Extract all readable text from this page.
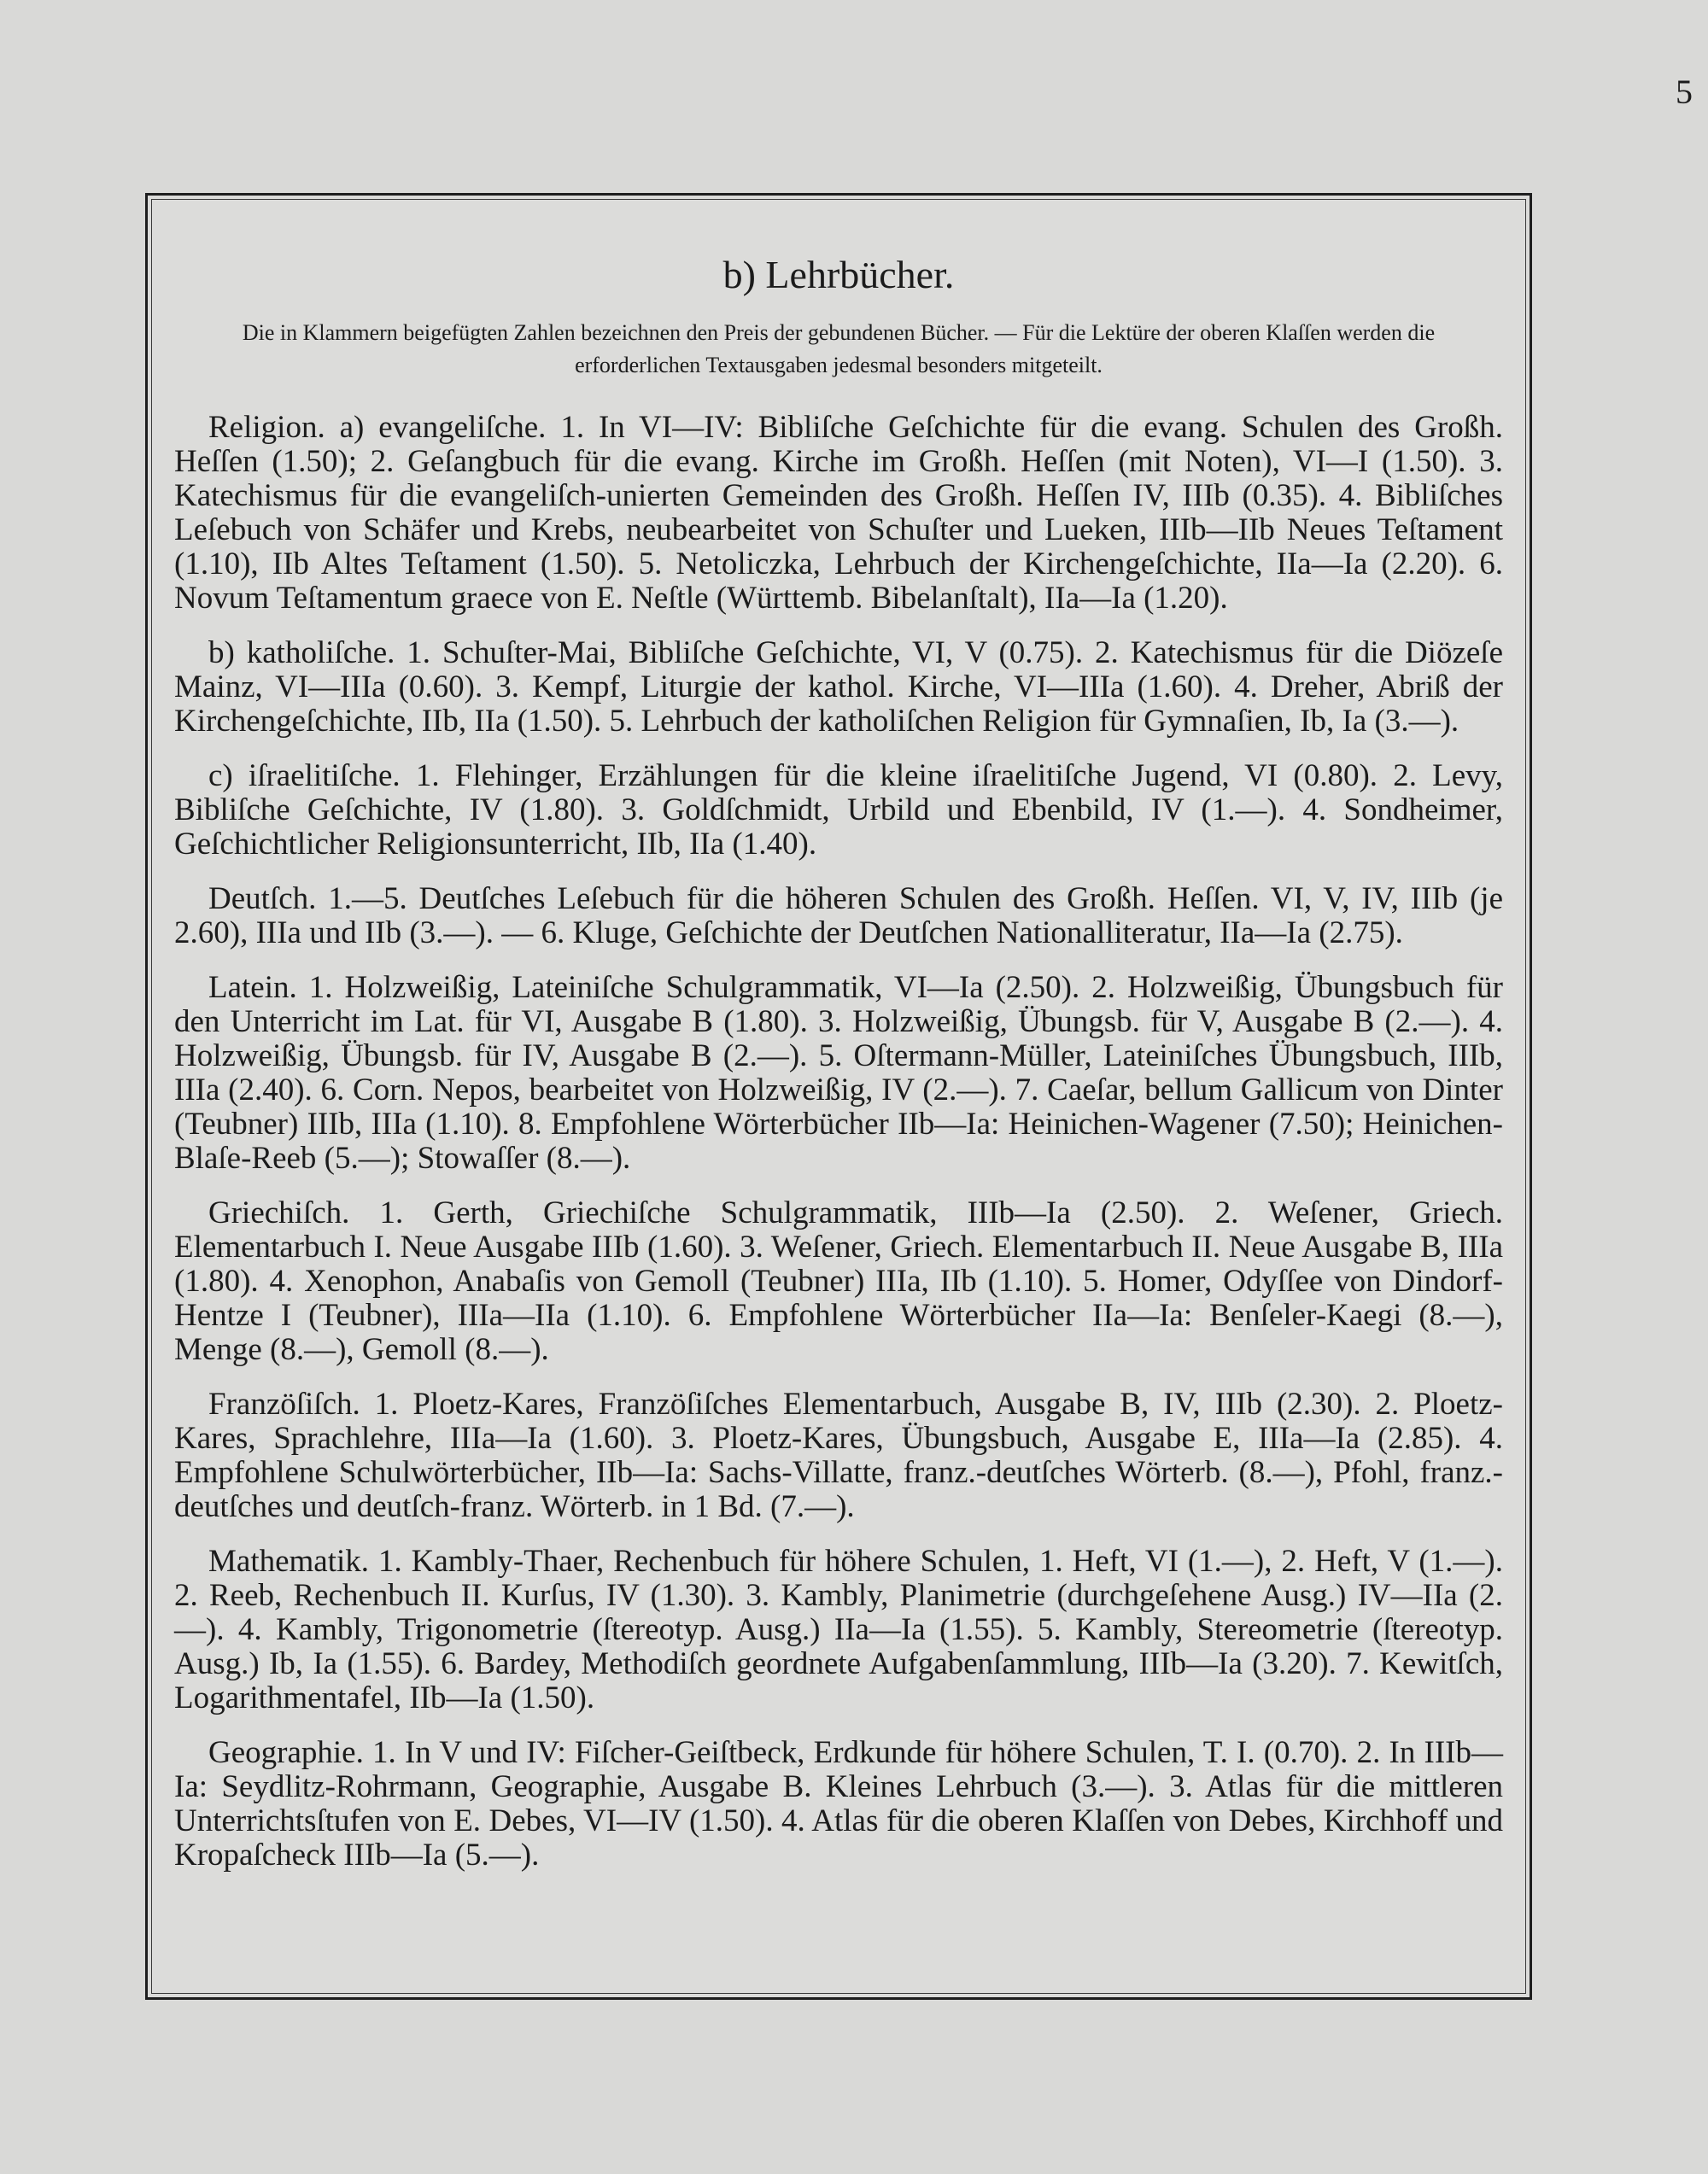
5
b) Lehrbücher.
Die in Klammern beigefügten Zahlen bezeichnen den Preis der gebundenen Bücher. — Für die Lektüre der oberen Klaſſen werden die erforderlichen Textausgaben jedesmal besonders mitgeteilt.

Religion. a) evangeliſche. 1. In VI—IV: Bibliſche Geſchichte für die evang. Schulen des Großh. Heſſen (1.50); 2. Geſangbuch für die evang. Kirche im Großh. Heſſen (mit Noten), VI—I (1.50). 3. Katechismus für die evangeliſch-unierten Gemeinden des Großh. Heſſen IV, IIIb (0.35). 4. Bibliſches Leſebuch von Schäfer und Krebs, neubearbeitet von Schuſter und Lueken, IIIb—IIb Neues Teſtament (1.10), IIb Altes Teſtament (1.50). 5. Netoliczka, Lehrbuch der Kirchengeſchichte, IIa—Ia (2.20). 6. Novum Teſtamentum graece von E. Neſtle (Württemb. Bibelanſtalt), IIa—Ia (1.20).

b) katholiſche. 1. Schuſter-Mai, Bibliſche Geſchichte, VI, V (0.75). 2. Katechismus für die Diözeſe Mainz, VI—IIIa (0.60). 3. Kempf, Liturgie der kathol. Kirche, VI—IIIa (1.60). 4. Dreher, Abriß der Kirchengeſchichte, IIb, IIa (1.50). 5. Lehrbuch der katholiſchen Religion für Gymnaſien, Ib, Ia (3.—).

c) iſraelitiſche. 1. Flehinger, Erzählungen für die kleine iſraelitiſche Jugend, VI (0.80). 2. Levy, Bibliſche Geſchichte, IV (1.80). 3. Goldſchmidt, Urbild und Ebenbild, IV (1.—). 4. Sondheimer, Geſchichtlicher Religionsunterricht, IIb, IIa (1.40).

Deutſch. 1.—5. Deutſches Leſebuch für die höheren Schulen des Großh. Heſſen. VI, V, IV, IIIb (je 2.60), IIIa und IIb (3.—). — 6. Kluge, Geſchichte der Deutſchen Nationalliteratur, IIa—Ia (2.75).

Latein. 1. Holzweißig, Lateiniſche Schulgrammatik, VI—Ia (2.50). 2. Holzweißig, Übungsbuch für den Unterricht im Lat. für VI, Ausgabe B (1.80). 3. Holzweißig, Übungsb. für V, Ausgabe B (2.—). 4. Holzweißig, Übungsb. für IV, Ausgabe B (2.—). 5. Oſtermann-Müller, Lateiniſches Übungsbuch, IIIb, IIIa (2.40). 6. Corn. Nepos, bearbeitet von Holzweißig, IV (2.—). 7. Caeſar, bellum Gallicum von Dinter (Teubner) IIIb, IIIa (1.10). 8. Empfohlene Wörterbücher IIb—Ia: Heinichen-Wagener (7.50); Heinichen-Blaſe-Reeb (5.—); Stowaſſer (8.—).

Griechiſch. 1. Gerth, Griechiſche Schulgrammatik, IIIb—Ia (2.50). 2. Weſener, Griech. Elementarbuch I. Neue Ausgabe IIIb (1.60). 3. Weſener, Griech. Elementarbuch II. Neue Ausgabe B, IIIa (1.80). 4. Xenophon, Anabaſis von Gemoll (Teubner) IIIa, IIb (1.10). 5. Homer, Odyſſee von Dindorf-Hentze I (Teubner), IIIa—IIa (1.10). 6. Empfohlene Wörterbücher IIa—Ia: Benſeler-Kaegi (8.—), Menge (8.—), Gemoll (8.—).

Franzöſiſch. 1. Ploetz-Kares, Franzöſiſches Elementarbuch, Ausgabe B, IV, IIIb (2.30). 2. Ploetz-Kares, Sprachlehre, IIIa—Ia (1.60). 3. Ploetz-Kares, Übungsbuch, Ausgabe E, IIIa—Ia (2.85). 4. Empfohlene Schulwörterbücher, IIb—Ia: Sachs-Villatte, franz.-deutſches Wörterb. (8.—), Pfohl, franz.-deutſches und deutſch-franz. Wörterb. in 1 Bd. (7.—).

Mathematik. 1. Kambly-Thaer, Rechenbuch für höhere Schulen, 1. Heft, VI (1.—), 2. Heft, V (1.—). 2. Reeb, Rechenbuch II. Kurſus, IV (1.30). 3. Kambly, Planimetrie (durchgeſehene Ausg.) IV—IIa (2.—). 4. Kambly, Trigonometrie (ſtereotyp. Ausg.) IIa—Ia (1.55). 5. Kambly, Stereometrie (ſtereotyp. Ausg.) Ib, Ia (1.55). 6. Bardey, Methodiſch geordnete Aufgabenſammlung, IIIb—Ia (3.20). 7. Kewitſch, Logarithmentafel, IIb—Ia (1.50).

Geographie. 1. In V und IV: Fiſcher-Geiſtbeck, Erdkunde für höhere Schulen, T. I. (0.70). 2. In IIIb—Ia: Seydlitz-Rohrmann, Geographie, Ausgabe B. Kleines Lehrbuch (3.—). 3. Atlas für die mittleren Unterrichtsſtufen von E. Debes, VI—IV (1.50). 4. Atlas für die oberen Klaſſen von Debes, Kirchhoff und Kropaſcheck IIIb—Ia (5.—).
